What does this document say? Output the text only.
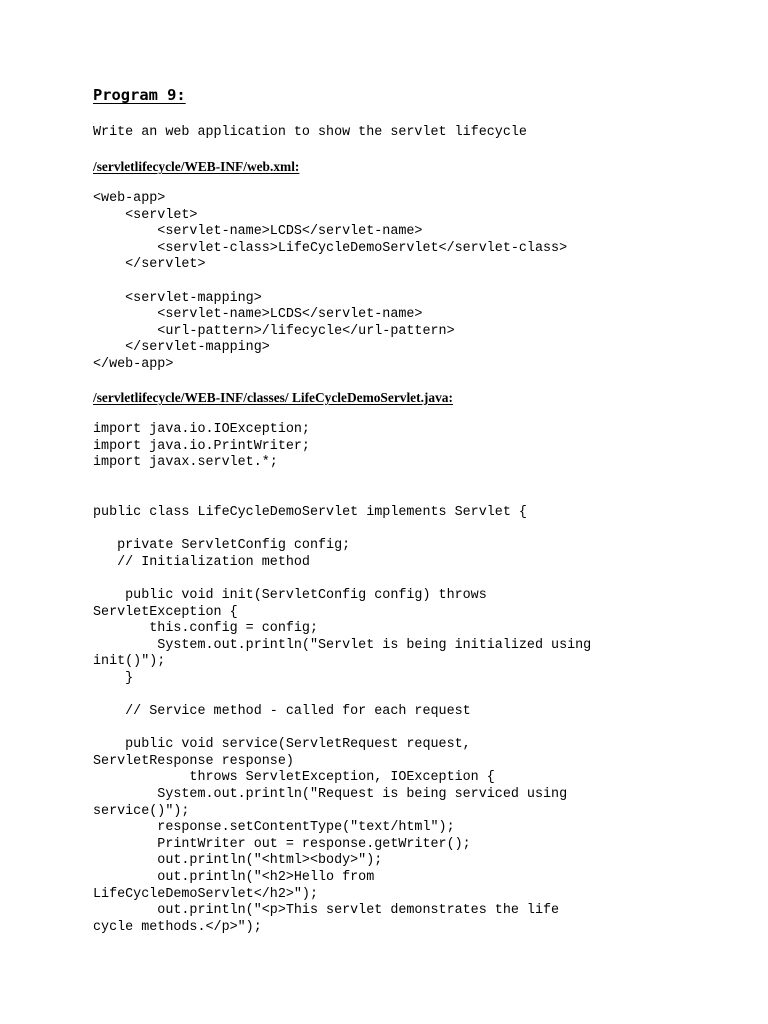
Program 9:

Write an web application to show the servlet lifecycle

/servletlifecycle/WEB-INF/web.xml:

<web-app>
<servlet>
<servlet-name>LCDS</servlet-name>
<servlet-class>LifeCycleDemoServlet</servlet-class>
</servlet>
<servlet-mapping>
<servlet-name>LCDS</servlet-name>
<url-pattern>/lifecycle</url-pattern>
</servlet-mapping>
</web-app>

/servletlifecycle/WEB-INF/classes/ LifeCycleDemoServlet.java:

import java.io.IOException;
import java.io.PrintWriter;
import javax.servlet.*;
public class LifeCycleDemoServlet implements Servlet {
private ServletConfig config;
// Initialization method
public void init(ServletConfig config) throws
ServletException {
this.config = config;
System.out.println("Servlet is being initialized using
init()");
}
// Service method - called for each request
public void service(ServletRequest request,
ServletResponse response)
throws ServletException, IOException {
System.out.println("Request is being serviced using
service()");
response.setContentType("text/html");
PrintWriter out = response.getWriter();
out.println("<html><body>");
out.println("<h2>Hello from
LifeCycleDemoServlet</h2>");
out.println("<p>This servlet demonstrates the life
cycle methods.</p>");
